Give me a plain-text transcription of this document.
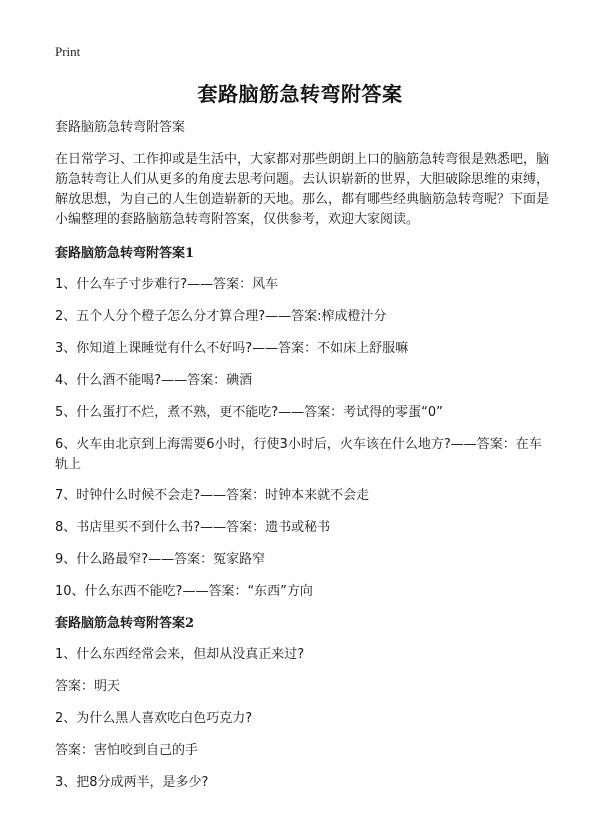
Print
套路脑筋急转弯附答案

套路脑筋急转弯附答案

在日常学习、工作抑或是生活中，大家都对那些朗朗上口的脑筋急转弯很是熟悉吧，脑筋急转弯让人们从更多的角度去思考问题。去认识崭新的世界，大胆破除思维的束缚，解放思想，为自己的人生创造崭新的天地。那么，都有哪些经典脑筋急转弯呢？下面是小编整理的套路脑筋急转弯附答案，仅供参考，欢迎大家阅读。

套路脑筋急转弯附答案1

1、什么车子寸步难行?——答案：风车

2、五个人分个橙子怎么分才算合理?——答案:榨成橙汁分

3、你知道上课睡觉有什么不好吗?——答案：不如床上舒服嘛

4、什么酒不能喝?——答案：碘酒

5、什么蛋打不烂，煮不熟，更不能吃?——答案：考试得的零蛋“0”

6、火车由北京到上海需要6小时，行使3小时后，火车该在什么地方?——答案：在车轨上

7、时钟什么时候不会走?——答案：时钟本来就不会走

8、书店里买不到什么书?——答案：遗书或秘书

9、什么路最窄?——答案：冤家路窄

10、什么东西不能吃?——答案：“东西”方向

套路脑筋急转弯附答案2

1、什么东西经常会来，但却从没真正来过?

答案：明天

2、为什么黑人喜欢吃白色巧克力?

答案：害怕咬到自己的手

3、把8分成两半，是多少?
